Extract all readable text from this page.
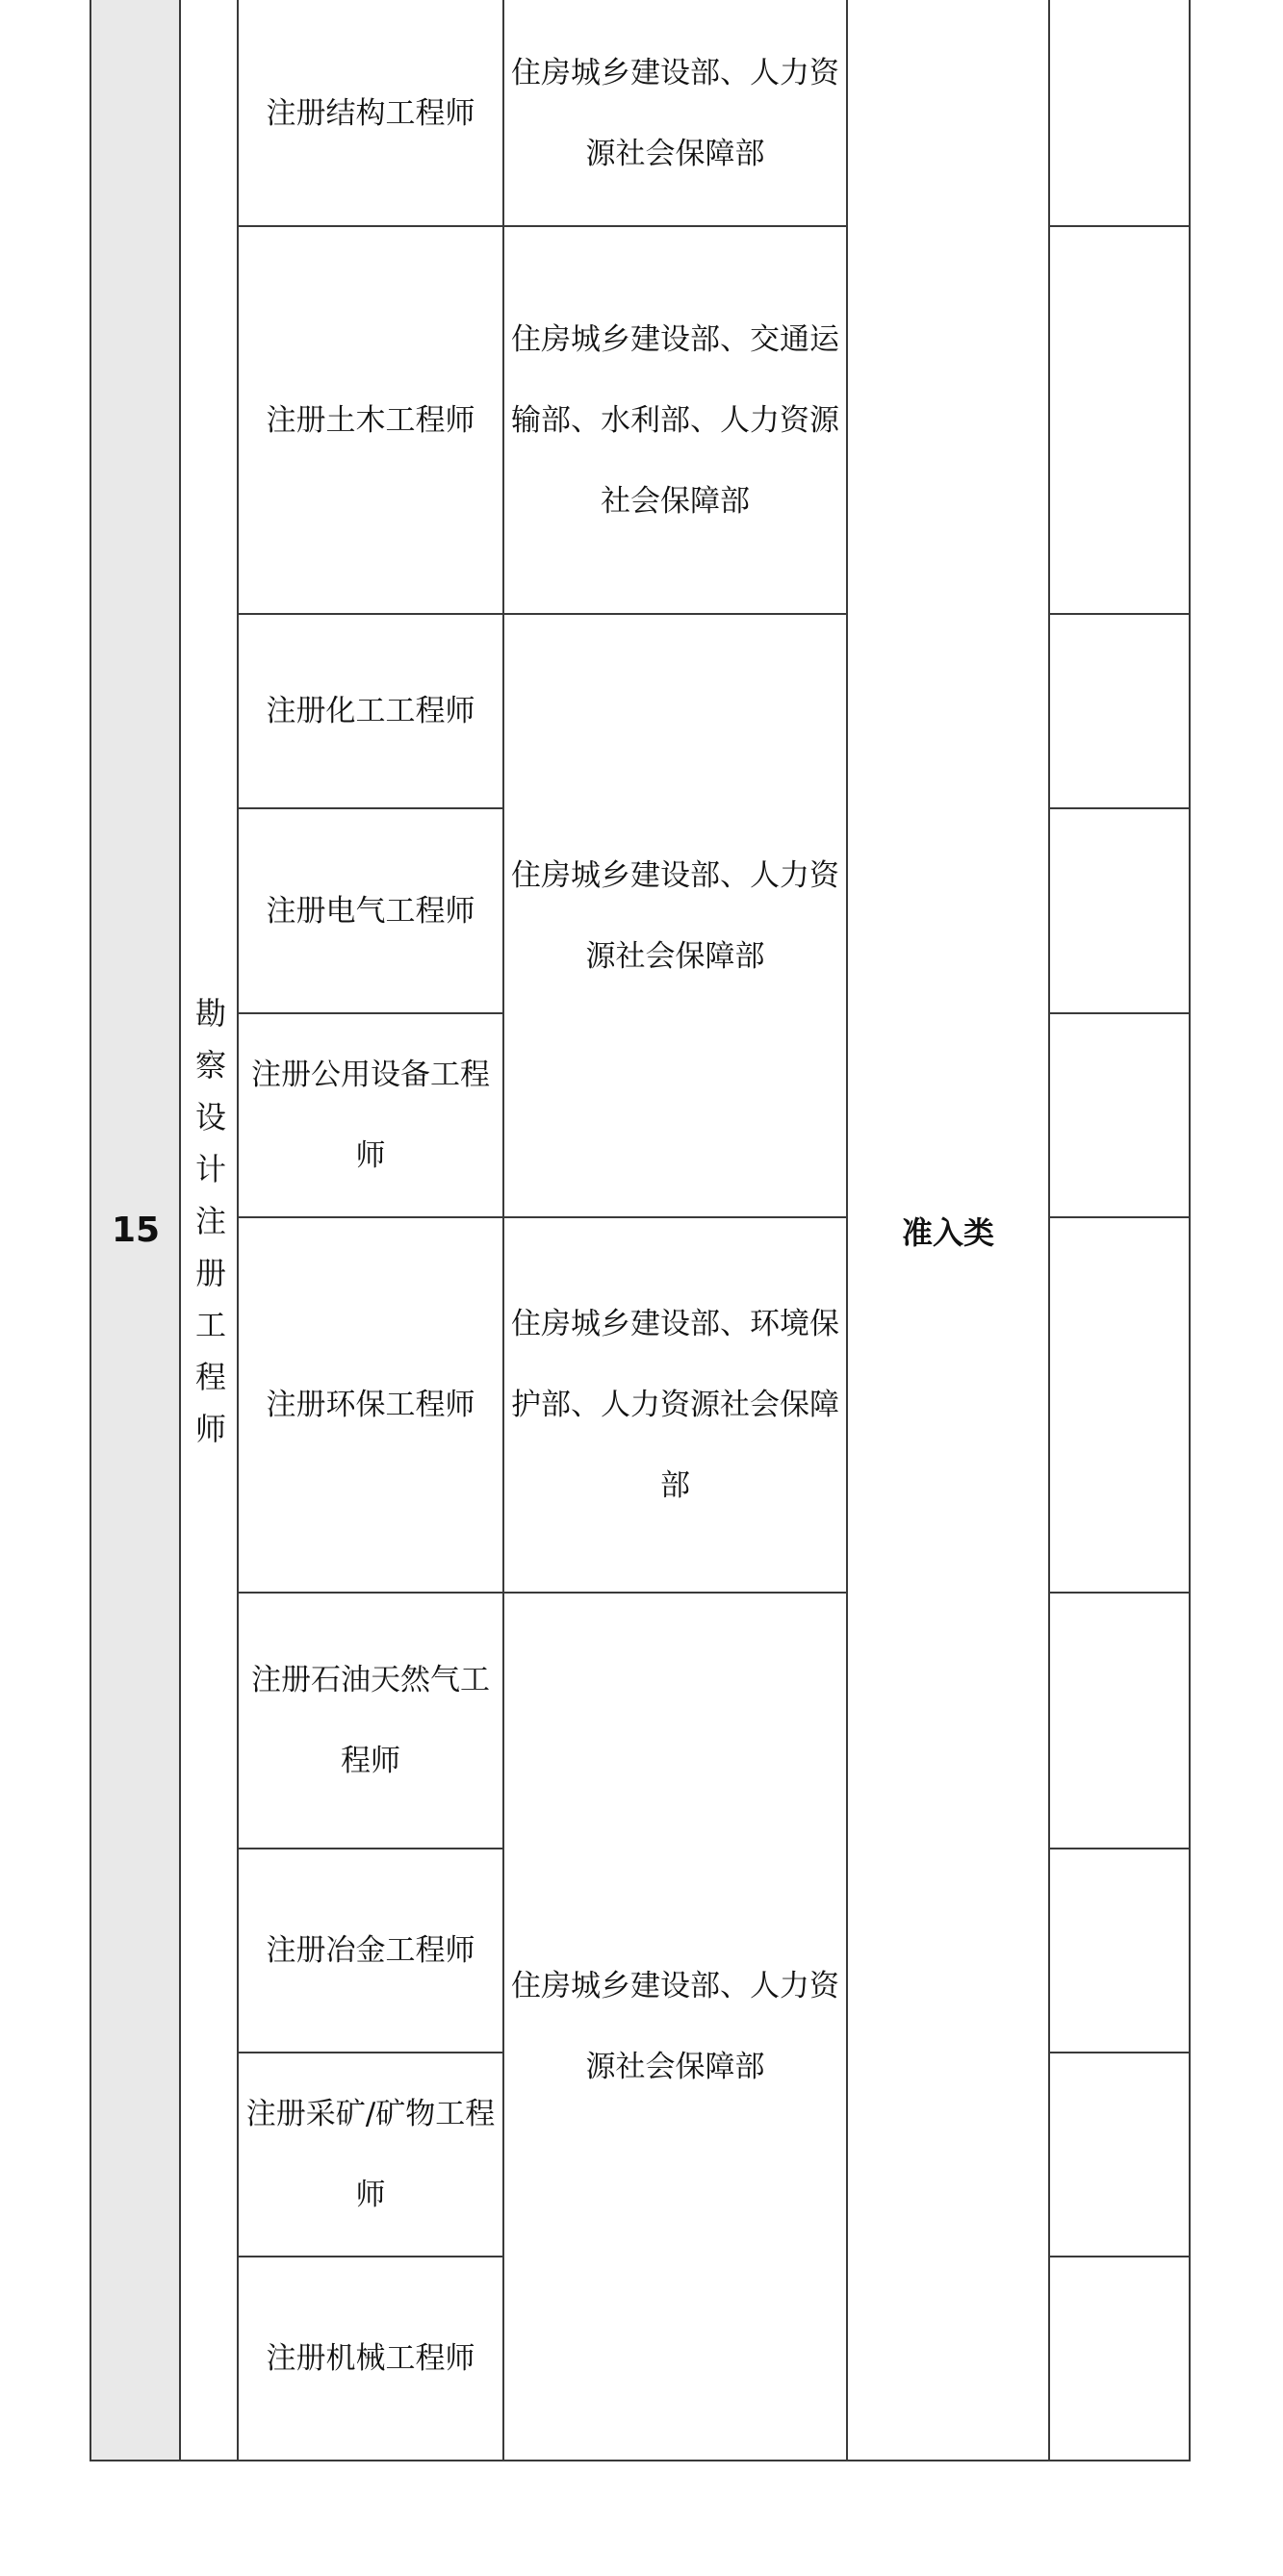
15 勘察设计注册工程师
注册结构工程师
注册土木工程师
注册化工工程师
注册电气工程师
注册公用设备工程师
注册环保工程师
注册石油天然气工程师
注册冶金工程师
注册采矿/矿物工程师
注册机械工程师
住房城乡建设部、人力资源社会保障部
住房城乡建设部、交通运输部、水利部、人力资源社会保障部
住房城乡建设部、人力资源社会保障部
住房城乡建设部、环境保护部、人力资源社会保障部
住房城乡建设部、人力资源社会保障部
准入类
